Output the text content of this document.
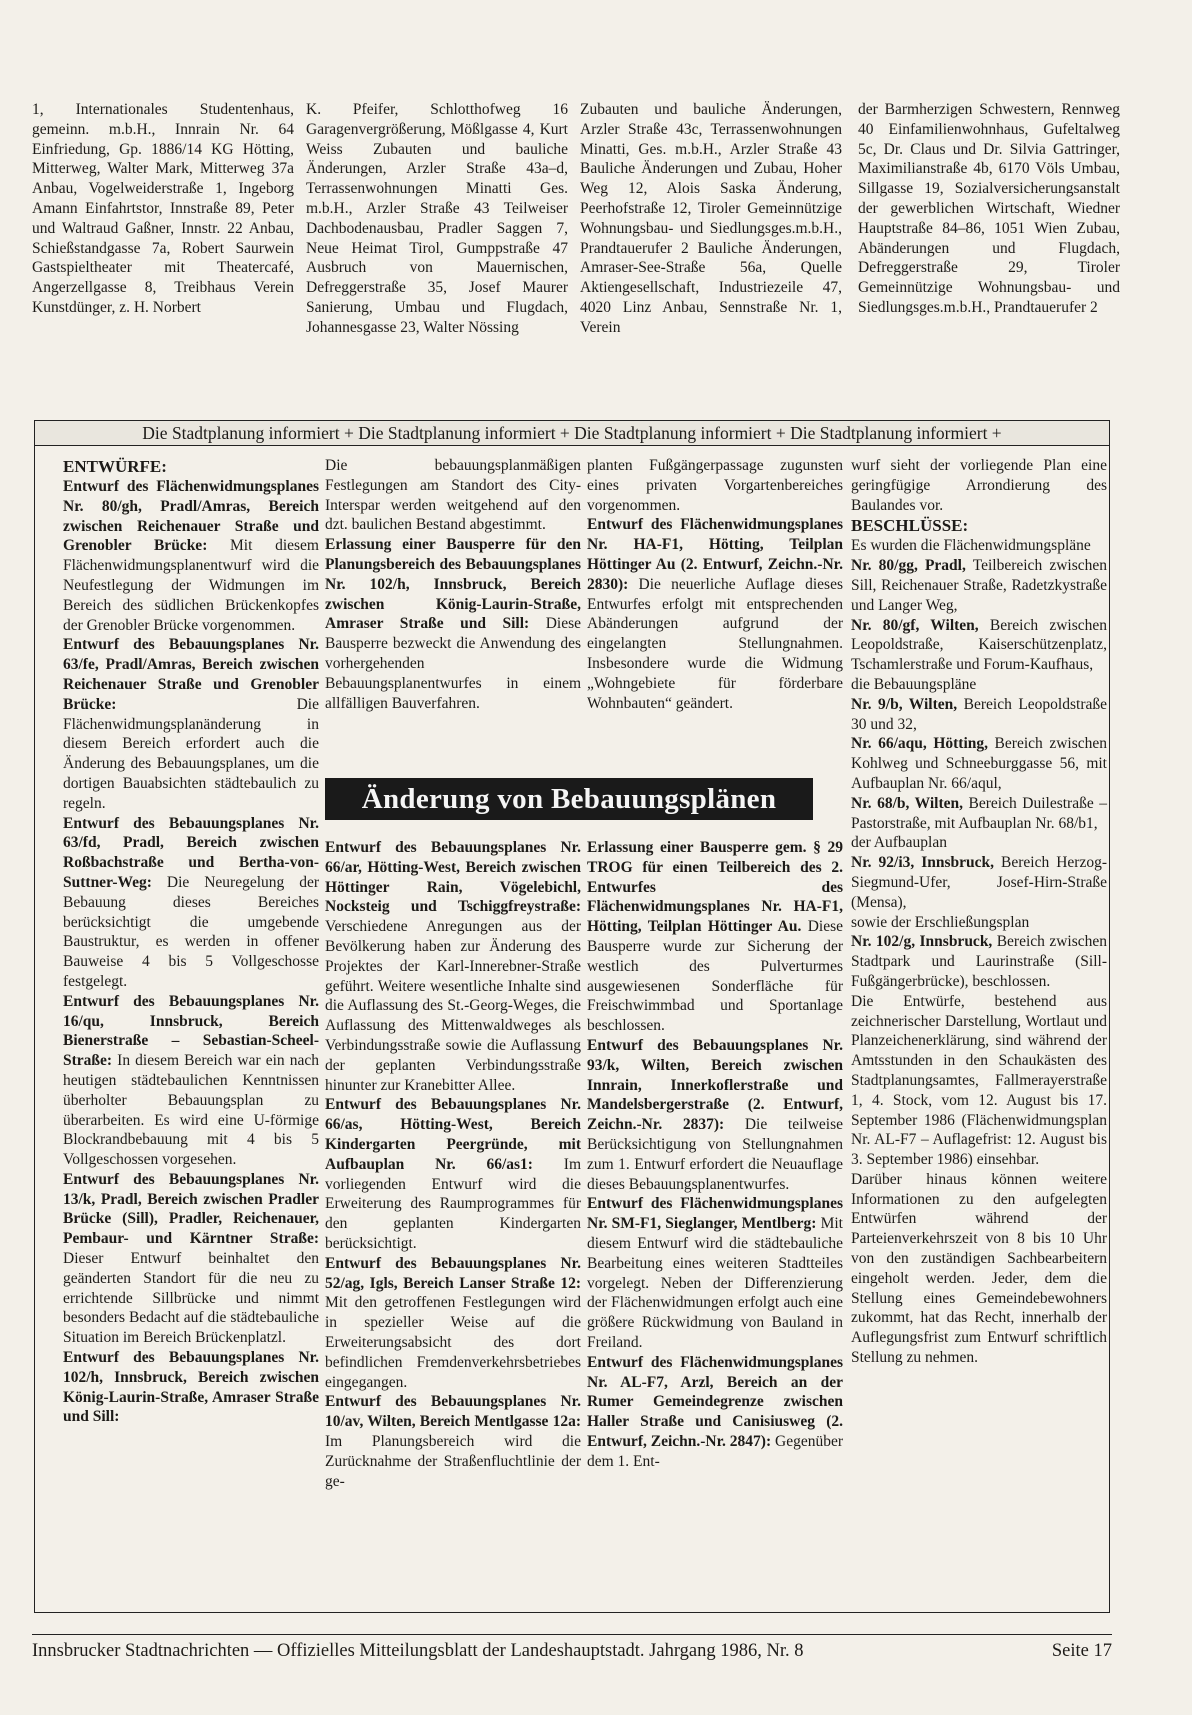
1, Internationales Studentenhaus, gemeinn. m.b.H., Innrain Nr. 64 Einfriedung, Gp. 1886/14 KG Hötting, Mitterweg, Walter Mark, Mitterweg 37a Anbau, Vogelweiderstraße 1, Ingeborg Amann Einfahrtstor, Innstraße 89, Peter und Waltraud Gaßner, Innstr. 22 Anbau, Schießstandgasse 7a, Robert Saurwein Gastspieltheater mit Theatercafé, Angerzellgasse 8, Treibhaus Verein Kunstdünger, z. H. Norbert

K. Pfeifer, Schlotthofweg 16 Garagenvergrößerung, Mößlgasse 4, Kurt Weiss Zubauten und bauliche Änderungen, Arzler Straße 43a–d, Terrassenwohnungen Minatti Ges. m.b.H., Arzler Straße 43 Teilweiser Dachbodenausbau, Pradler Saggen 7, Neue Heimat Tirol, Gumppstraße 47 Ausbruch von Mauernischen, Defreggerstraße 35, Josef Maurer Sanierung, Umbau und Flugdach, Johannesgasse 23, Walter Nössing

Zubauten und bauliche Änderungen, Arzler Straße 43c, Terrassenwohnungen Minatti, Ges. m.b.H., Arzler Straße 43 Bauliche Änderungen und Zubau, Hoher Weg 12, Alois Saska Änderung, Peerhofstraße 12, Tiroler Gemeinnützige Wohnungsbau- und Siedlungsges.m.b.H., Prandtauerufer 2 Bauliche Änderungen, Amraser-See-Straße 56a, Quelle Aktiengesellschaft, Industriezeile 47, 4020 Linz Anbau, Sennstraße Nr. 1, Verein

der Barmherzigen Schwestern, Rennweg 40 Einfamilienwohnhaus, Gufeltalweg 5c, Dr. Claus und Dr. Silvia Gattringer, Maximilianstraße 4b, 6170 Völs Umbau, Sillgasse 19, Sozialversicherungsanstalt der gewerblichen Wirtschaft, Wiedner Hauptstraße 84–86, 1051 Wien Zubau, Abänderungen und Flugdach, Defreggerstraße 29, Tiroler Gemeinnützige Wohnungsbau- und Siedlungsges.m.b.H., Prandtauerufer 2

Die Stadtplanung informiert + Die Stadtplanung informiert + Die Stadtplanung informiert + Die Stadtplanung informiert +

ENTWÜRFE:

Entwurf des Flächenwidmungsplanes Nr. 80/gh, Pradl/Amras, Bereich zwischen Reichenauer Straße und Grenobler Brücke: Mit diesem Flächenwidmungsplanentwurf wird die Neufestlegung der Widmungen im Bereich des südlichen Brückenkopfes der Grenobler Brücke vorgenommen.

Entwurf des Bebauungsplanes Nr. 63/fe, Pradl/Amras, Bereich zwischen Reichenauer Straße und Grenobler Brücke: Die Flächenwidmungsplanänderung in diesem Bereich erfordert auch die Änderung des Bebauungsplanes, um die dortigen Bauabsichten städtebaulich zu regeln.

Entwurf des Bebauungsplanes Nr. 63/fd, Pradl, Bereich zwischen Roßbachstraße und Bertha-von-Suttner-Weg: Die Neuregelung der Bebauung dieses Bereiches berücksichtigt die umgebende Baustruktur, es werden in offener Bauweise 4 bis 5 Vollgeschosse festgelegt.

Entwurf des Bebauungsplanes Nr. 16/qu, Innsbruck, Bereich Bienerstraße – Sebastian-Scheel-Straße: In diesem Bereich war ein nach heutigen städtebaulichen Kenntnissen überholter Bebauungsplan zu überarbeiten. Es wird eine U-förmige Blockrandbebauung mit 4 bis 5 Vollgeschossen vorgesehen.

Entwurf des Bebauungsplanes Nr. 13/k, Pradl, Bereich zwischen Pradler Brücke (Sill), Pradler, Reichenauer, Pembaur- und Kärntner Straße: Dieser Entwurf beinhaltet den geänderten Standort für die neu zu errichtende Sillbrücke und nimmt besonders Bedacht auf die städtebauliche Situation im Bereich Brückenplatzl.

Entwurf des Bebauungsplanes Nr. 102/h, Innsbruck, Bereich zwischen König-Laurin-Straße, Amraser Straße und Sill:

Die bebauungsplanmäßigen Festlegungen am Standort des City-Interspar werden weitgehend auf den dzt. baulichen Bestand abgestimmt.

Erlassung einer Bausperre für den Planungsbereich des Bebauungsplanes Nr. 102/h, Innsbruck, Bereich zwischen König-Laurin-Straße, Amraser Straße und Sill: Diese Bausperre bezweckt die Anwendung des vorhergehenden Bebauungsplanentwurfes in einem allfälligen Bauverfahren.

planten Fußgängerpassage zugunsten eines privaten Vorgartenbereiches vorgenommen.

Entwurf des Flächenwidmungsplanes Nr. HA-F1, Hötting, Teilplan Höttinger Au (2. Entwurf, Zeichn.-Nr. 2830): Die neuerliche Auflage dieses Entwurfes erfolgt mit entsprechenden Abänderungen aufgrund der eingelangten Stellungnahmen. Insbesondere wurde die Widmung „Wohngebiete für förderbare Wohnbauten“ geändert.

wurf sieht der vorliegende Plan eine geringfügige Arrondierung des Baulandes vor.

BESCHLÜSSE:

Es wurden die Flächenwidmungspläne

Nr. 80/gg, Pradl, Teilbereich zwischen Sill, Reichenauer Straße, Radetzkystraße und Langer Weg,

Nr. 80/gf, Wilten, Bereich zwischen Leopoldstraße, Kaiserschützenplatz, Tschamlerstraße und Forum-Kaufhaus,

die Bebauungspläne

Nr. 9/b, Wilten, Bereich Leopoldstraße 30 und 32,

Nr. 66/aqu, Hötting, Bereich zwischen Kohlweg und Schneeburggasse 56, mit Aufbauplan Nr. 66/aqul,

Nr. 68/b, Wilten, Bereich Duilestraße – Pastorstraße, mit Aufbauplan Nr. 68/b1,

der Aufbauplan

Nr. 92/i3, Innsbruck, Bereich Herzog-Siegmund-Ufer, Josef-Hirn-Straße (Mensa),

sowie der Erschließungsplan

Nr. 102/g, Innsbruck, Bereich zwischen Stadtpark und Laurinstraße (Sill-Fußgängerbrücke), beschlossen.

Die Entwürfe, bestehend aus zeichnerischer Darstellung, Wortlaut und Planzeichenerklärung, sind während der Amtsstunden in den Schaukästen des Stadtplanungsamtes, Fallmerayerstraße 1, 4. Stock, vom 12. August bis 17. September 1986 (Flächenwidmungsplan Nr. AL-F7 – Auflagefrist: 12. August bis 3. September 1986) einsehbar.

Darüber hinaus können weitere Informationen zu den aufgelegten Entwürfen während der Parteienverkehrszeit von 8 bis 10 Uhr von den zuständigen Sachbearbeitern eingeholt werden. Jeder, dem die Stellung eines Gemeindebewohners zukommt, hat das Recht, innerhalb der Auflegungsfrist zum Entwurf schriftlich Stellung zu nehmen.

Änderung von Bebauungsplänen

Entwurf des Bebauungsplanes Nr. 66/ar, Hötting-West, Bereich zwischen Höttinger Rain, Vögelebichl, Nocksteig und Tschiggfreystraße: Verschiedene Anregungen aus der Bevölkerung haben zur Änderung des Projektes der Karl-Innerebner-Straße geführt. Weitere wesentliche Inhalte sind die Auflassung des St.-Georg-Weges, die Auflassung des Mittenwaldweges als Verbindungsstraße sowie die Auflassung der geplanten Verbindungsstraße hinunter zur Kranebitter Allee.

Entwurf des Bebauungsplanes Nr. 66/as, Hötting-West, Bereich Kindergarten Peergründe, mit Aufbauplan Nr. 66/as1: Im vorliegenden Entwurf wird die Erweiterung des Raumprogrammes für den geplanten Kindergarten berücksichtigt.

Entwurf des Bebauungsplanes Nr. 52/ag, Igls, Bereich Lanser Straße 12: Mit den getroffenen Festlegungen wird in spezieller Weise auf die Erweiterungsabsicht des dort befindlichen Fremdenverkehrsbetriebes eingegangen.

Entwurf des Bebauungsplanes Nr. 10/av, Wilten, Bereich Mentlgasse 12a: Im Planungsbereich wird die Zurücknahme der Straßenfluchtlinie der ge-

Erlassung einer Bausperre gem. § 29 TROG für einen Teilbereich des 2. Entwurfes des Flächenwidmungsplanes Nr. HA-F1, Hötting, Teilplan Höttinger Au. Diese Bausperre wurde zur Sicherung der westlich des Pulverturmes ausgewiesenen Sonderfläche für Freischwimmbad und Sportanlage beschlossen.

Entwurf des Bebauungsplanes Nr. 93/k, Wilten, Bereich zwischen Innrain, Innerkoflerstraße und Mandelsbergerstraße (2. Entwurf, Zeichn.-Nr. 2837): Die teilweise Berücksichtigung von Stellungnahmen zum 1. Entwurf erfordert die Neuauflage dieses Bebauungsplanentwurfes.

Entwurf des Flächenwidmungsplanes Nr. SM-F1, Sieglanger, Mentlberg: Mit diesem Entwurf wird die städtebauliche Bearbeitung eines weiteren Stadtteiles vorgelegt. Neben der Differenzierung der Flächenwidmungen erfolgt auch eine größere Rückwidmung von Bauland in Freiland.

Entwurf des Flächenwidmungsplanes Nr. AL-F7, Arzl, Bereich an der Rumer Gemeindegrenze zwischen Haller Straße und Canisiusweg (2. Entwurf, Zeichn.-Nr. 2847): Gegenüber dem 1. Ent-

Innsbrucker Stadtnachrichten — Offizielles Mitteilungsblatt der Landeshauptstadt. Jahrgang 1986, Nr. 8	Seite 17
